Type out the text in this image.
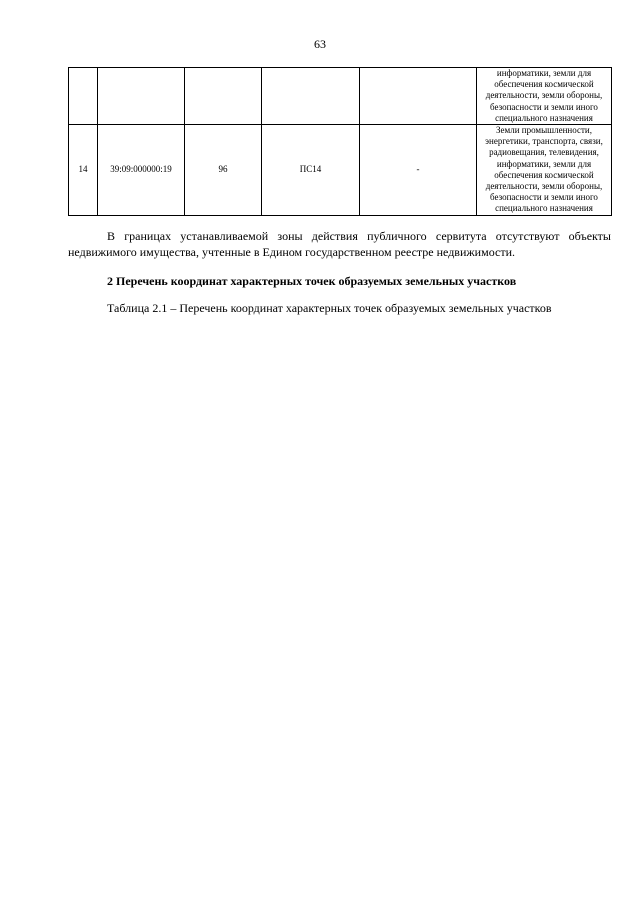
63
					информатики, земли для обеспечения космической деятельности, земли обороны, безопасности и земли иного специального назначения
14	39:09:000000:19	96	ПС14	-	Земли промышленности, энергетики, транспорта, связи, радиовещания, телевидения, информатики, земли для обеспечения космической деятельности, земли обороны, безопасности и земли иного специального назначения

В границах устанавливаемой зоны действия публичного сервитута отсутствуют объекты недвижимого имущества, учтенные в Едином государственном реестре недвижимости.

2 Перечень координат характерных точек образуемых земельных участков

Таблица 2.1 – Перечень координат характерных точек образуемых земельных участков
